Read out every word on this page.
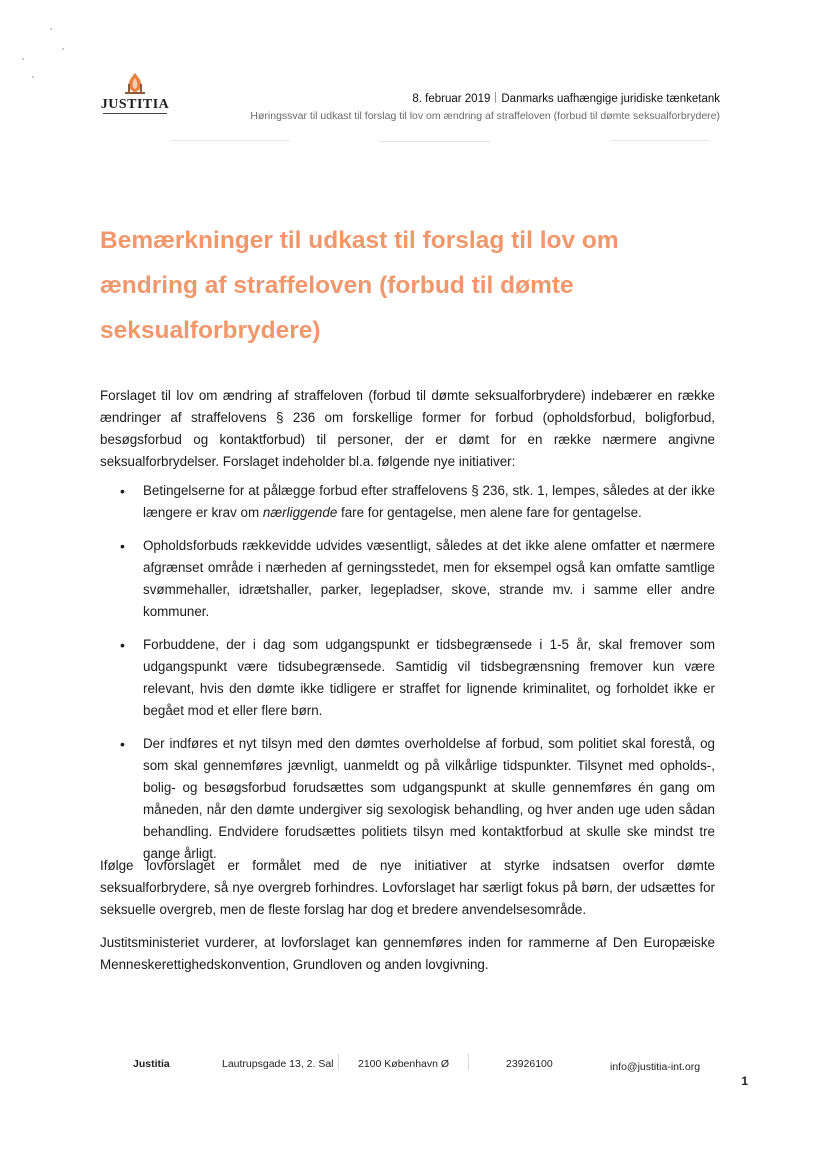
JUSTITIA	8. februar 2019 Danmarks uafhængige juridiske tænketank
Høringssvar til udkast til forslag til lov om ændring af straffeloven (forbud til dømte seksualforbrydere)
Bemærkninger til udkast til forslag til lov om ændring af straffeloven (forbud til dømte seksualforbrydere)

Forslaget til lov om ændring af straffeloven (forbud til dømte seksualforbrydere) indebærer en række ændringer af straffelovens § 236 om forskellige former for forbud (opholdsforbud, boligforbud, besøgsforbud og kontaktforbud) til personer, der er dømt for en række nærmere angivne seksualforbrydelser. Forslaget indeholder bl.a. følgende nye initiativer:

• Betingelserne for at pålægge forbud efter straffelovens § 236, stk. 1, lempes, således at der ikke længere er krav om nærliggende fare for gentagelse, men alene fare for gentagelse.
• Opholdsforbuds rækkevidde udvides væsentligt, således at det ikke alene omfatter et nærmere afgrænset område i nærheden af gerningsstedet, men for eksempel også kan omfatte samtlige svømmehaller, idrætshaller, parker, legepladser, skove, strande mv. i samme eller andre kommuner.
• Forbuddene, der i dag som udgangspunkt er tidsbegrænsede i 1-5 år, skal fremover som udgangspunkt være tidsubegrænsede. Samtidig vil tidsbegrænsning fremover kun være relevant, hvis den dømte ikke tidligere er straffet for lignende kriminalitet, og forholdet ikke er begået mod et eller flere børn.
• Der indføres et nyt tilsyn med den dømtes overholdelse af forbud, som politiet skal forestå, og som skal gennemføres jævnligt, uanmeldt og på vilkårlige tidspunkter. Tilsynet med opholds-, bolig- og besøgsforbud forudsættes som udgangspunkt at skulle gennemføres én gang om måneden, når den dømte undergiver sig sexologisk behandling, og hver anden uge uden sådan behandling. Endvidere forudsættes politiets tilsyn med kontaktforbud at skulle ske mindst tre gange årligt.

Ifølge lovforslaget er formålet med de nye initiativer at styrke indsatsen overfor dømte seksualforbrydere, så nye overgreb forhindres. Lovforslaget har særligt fokus på børn, der udsættes for seksuelle overgreb, men de fleste forslag har dog et bredere anvendelsesområde.

Justitsministeriet vurderer, at lovforslaget kan gennemføres inden for rammerne af Den Europæiske Menneskerettighedskonvention, Grundloven og anden lovgivning.

Justitia	Lautrupsgade 13, 2. Sal 2100 København Ø	23926100	info@justitia-int.org
1
